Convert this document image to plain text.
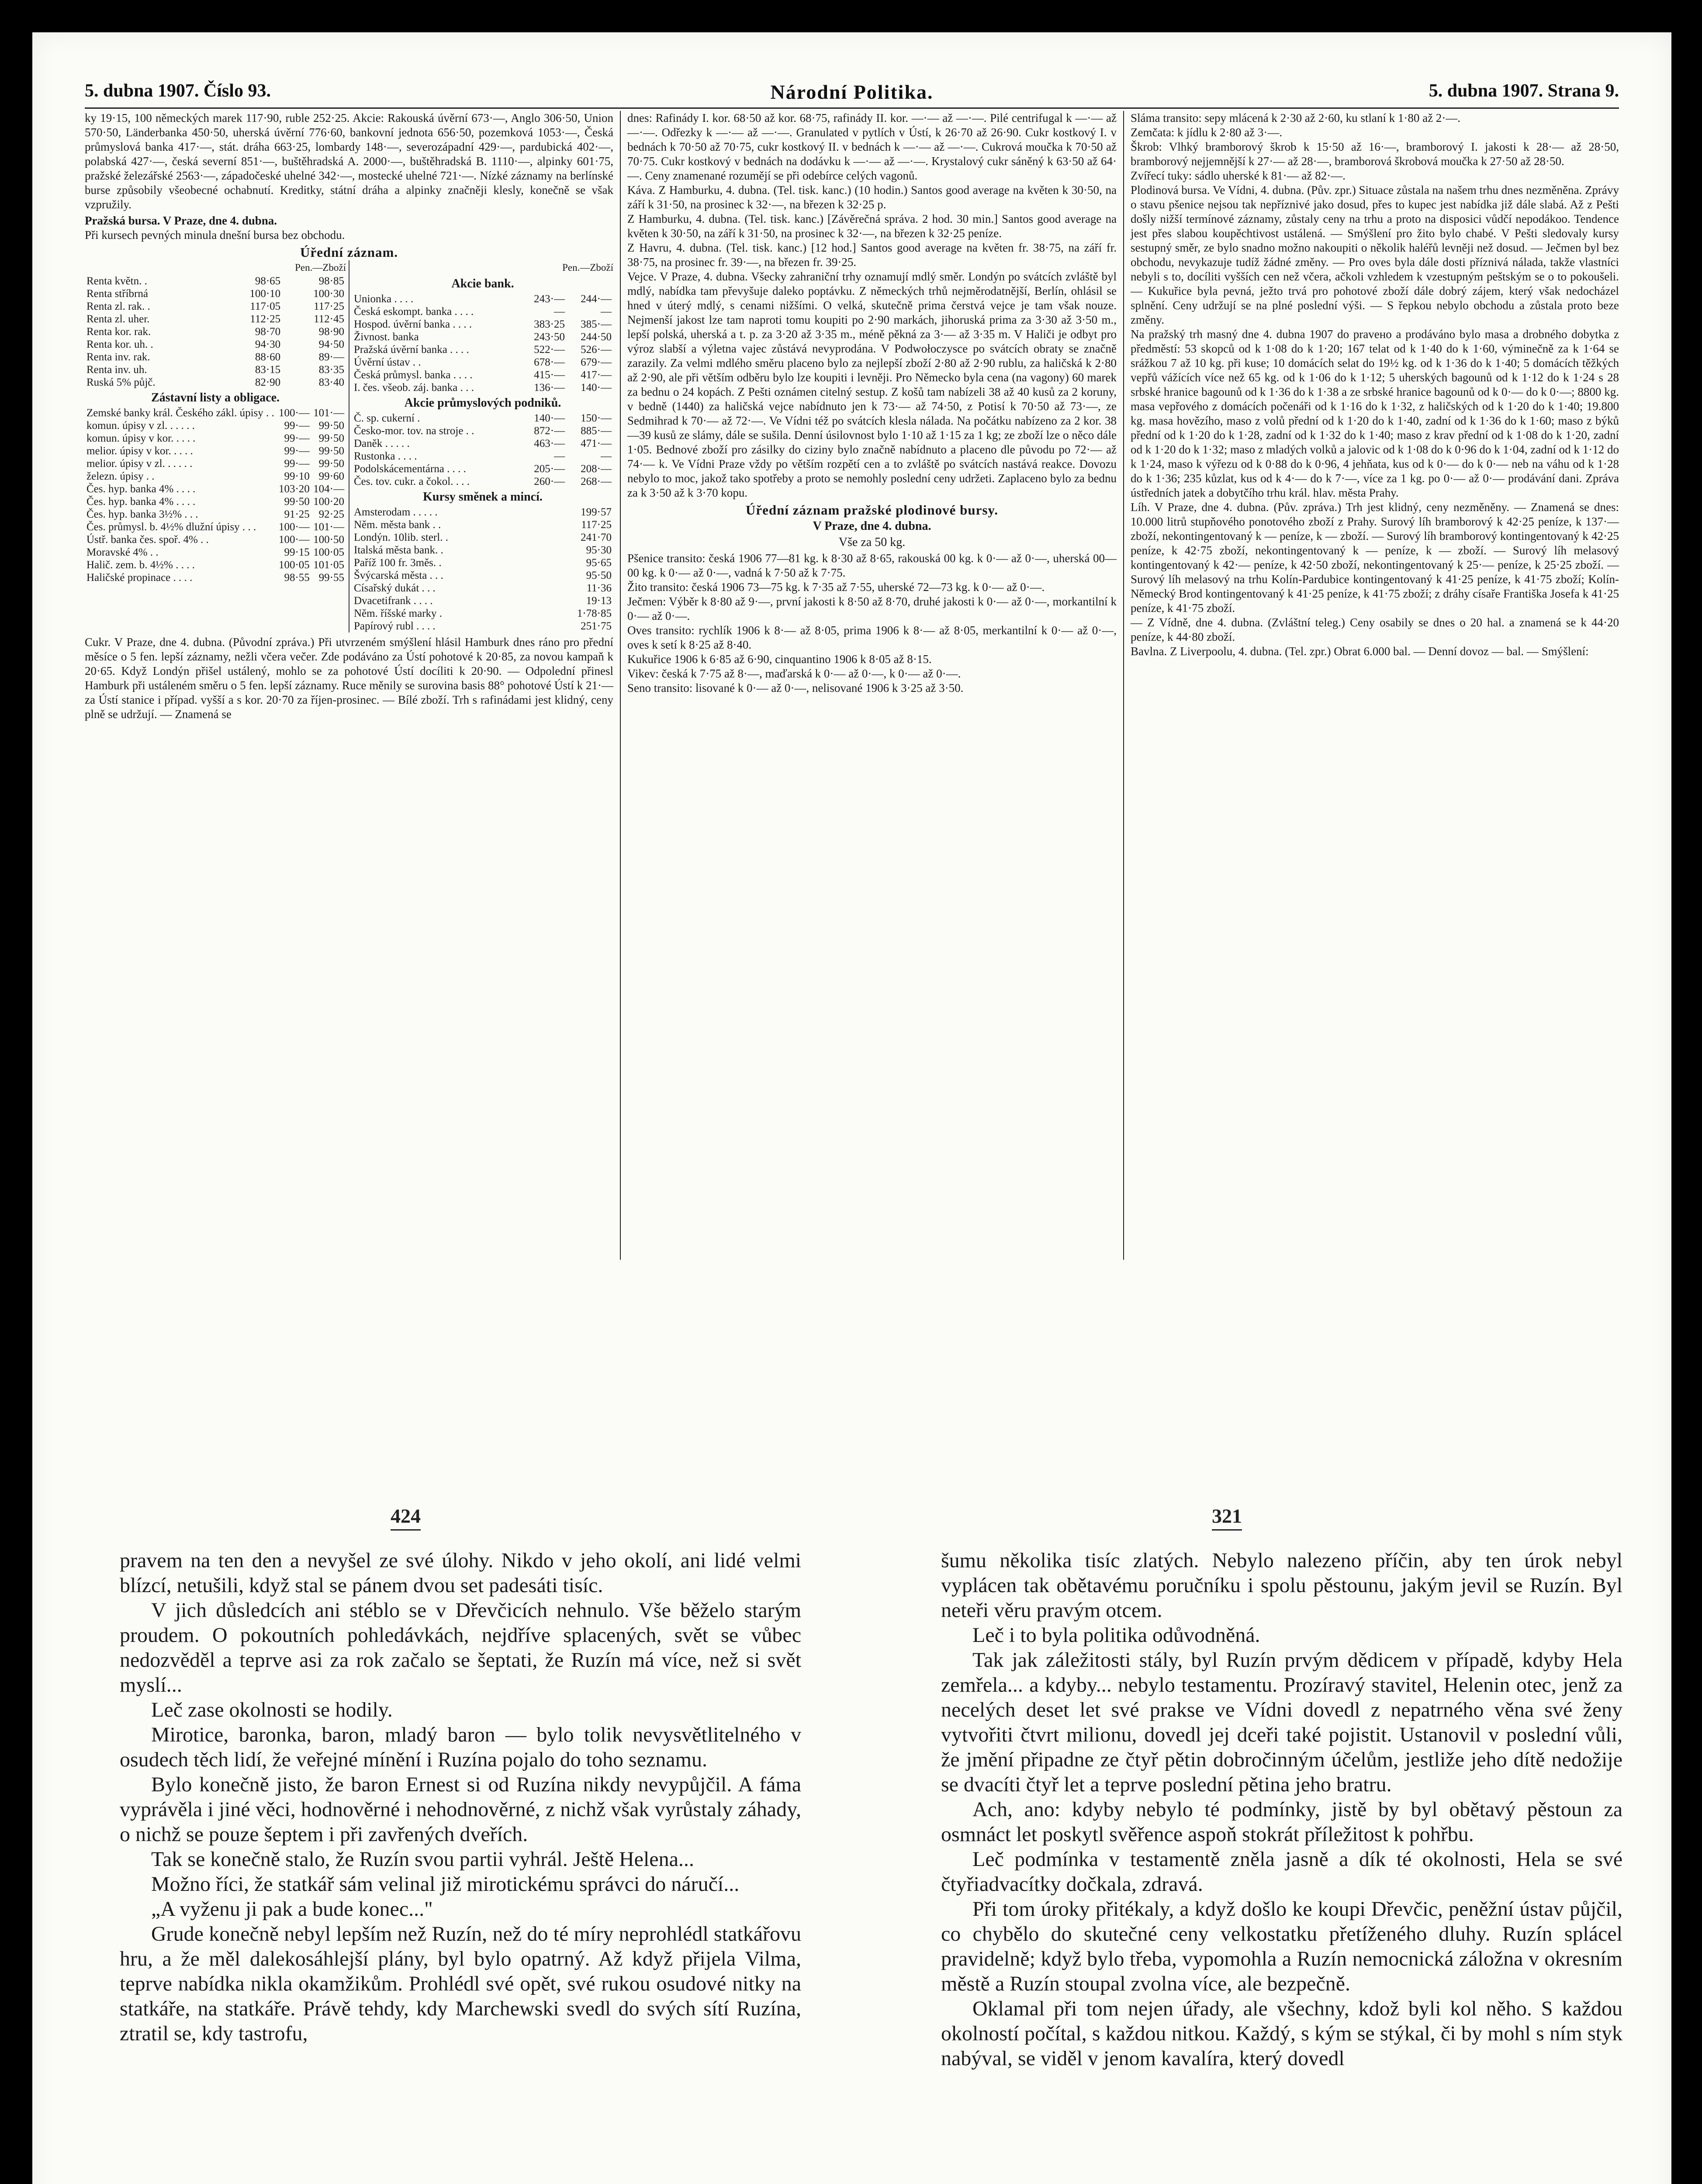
5. dubna 1907. Číslo 93.	Národní Politika.	5. dubna 1907. Strana 9.

ky 19·15, 100 německých marek 117·90, ruble 252·25. Akcie: Rakouská úvěrní 673·—, Anglo 306·50, Union 570·50, Länderbanka 450·50, uherská úvěrní 776·60, bankovní jednota 656·50, pozemková 1053·—, Česká průmyslová banka 417·—, stát. dráha 663·25, lombardy 148·—, severozápadní 429·—, pardubická 402·—, polabská 427·—, česká severní 851·—, buštěhradská A. 2000·—, buštěhradská B. 1110·—, alpinky 601·75, pražské železářské 2563·—, západočeské uhelné 342·—, mostecké uhelné 721·—. Nízké záznamy na berlínské burse způsobily všeobecné ochabnutí. Kreditky, státní dráha a alpinky značněji klesly, konečně se však vzpružily.

Pražská bursa. V Praze, dne 4. dubna.

Při kursech pevných minula dnešní bursa bez obchodu.

Úřední záznam.
Pen.—Zboží
Renta květn. .	98·65	98·85
Renta stříbrná	100·10	100·30
Renta zl. rak. .	117·05	117·25
Renta zl. uher.	112·25	112·45
Renta kor. rak.	98·70	98·90
Renta kor. uh. .	94·30	94·50
Renta inv. rak.	88·60	89·—
Renta inv. uh.	83·15	83·35
Ruská 5% půjč.	82·90	83·40
Zástavní listy a obligace.
Zemské banky král. Českého zákl. úpisy . .	100·—	101·—
komun. úpisy v zl. . . . . .	99·—	99·50
komun. úpisy v kor. . . . .	99·—	99·50
melior. úpisy v kor. . . . .	99·—	99·50
melior. úpisy v zl. . . . . .	99·—	99·50
železn. úpisy . .	99·10	99·60
Čes. hyp. banka 4% . . . .	103·20	104·—
Čes. hyp. banka 4% . . . .	99·50	100·20
Čes. hyp. banka 3½% . . .	91·25	92·25
Čes. průmysl. b. 4½% dlužní úpisy . . .	100·—	101·—
Ústř. banka čes. spoř. 4% . .	100·—	100·50
Moravské 4% . .	99·15	100·05
Halič. zem. b. 4½% . . . .	100·05	101·05
Haličské propinace . . . .	98·55	99·55
Pen.—Zboží
Akcie bank.
Unionka . . . .	243·—	244·—
Česká eskompt. banka . . . .	—	—
Hospod. úvěrní banka . . . .	383·25	385·—
Živnost. banka	243·50	244·50
Pražská úvěrní banka . . . .	522·—	526·—
Úvěrní ústav . .	678·—	679·—
Česká průmysl. banka . . . .	415·—	417·—
I. čes. všeob. záj. banka . . .	136·—	140·—
Akcie průmyslových podniků.
Č. sp. cukerní .	140·—	150·—
Česko-mor. tov. na stroje . .	872·—	885·—
Daněk . . . . .	463·—	471·—
Rustonka . . . .	—	—
Podolskácementárna . . . .	205·—	208·—
Čes. tov. cukr. a čokol. . . .	260·—	268·—
Kursy směnek a mincí.
Amsterodam . . . . .	199·57
Něm. města bank . .	117·25
Londýn. 10lib. sterl. .	241·70
Italská města bank. .	95·30
Paříž 100 fr. 3měs. .	95·65
Švýcarská města . . .	95·50
Císařský dukát . . .	11·36
Dvacetifrank . . . .	19·13
Něm. říšské marky .	1·78·85
Papírový rubl . . . .	251·75

Cukr. V Praze, dne 4. dubna. (Původní zpráva.) Při utvrzeném smýšlení hlásil Hamburk dnes ráno pro přední měsíce o 5 fen. lepší záznamy, nežli včera večer. Zde podáváno za Ústí pohotové k 20·85, za novou kampaň k 20·65. Když Londýn přišel ustálený, mohlo se za pohotové Ústí docíliti k 20·90. — Odpolední přinesl Hamburk při ustáleném směru o 5 fen. lepší záznamy. Ruce měnily se surovina basis 88° pohotové Ústí k 21·— za Ústí stanice i případ. vyšší a s kor. 20·70 za říjen-prosinec. — Bílé zboží. Trh s rafinádami jest klidný, ceny plně se udržují. — Znamená se

dnes: Rafinády I. kor. 68·50 až kor. 68·75, rafinády II. kor. —·— až —·—. Pilé centrifugal k —·— až —·—. Odřezky k —·— až —·—. Granulated v pytlích v Ústí, k 26·70 až 26·90. Cukr kostkový I. v bednách k 70·50 až 70·75, cukr kostkový II. v bednách k —·— až —·—. Cukrová moučka k 70·50 až 70·75. Cukr kostkový v bednách na dodávku k —·— až —·—. Krystalový cukr sáněný k 63·50 až 64·—. Ceny znamenané rozumějí se při odebírce celých vagonů.

Káva. Z Hamburku, 4. dubna. (Tel. tisk. kanc.) (10 hodin.) Santos good average na květen k 30·50, na září k 31·50, na prosinec k 32·—, na březen k 32·25 p.

Z Hamburku, 4. dubna. (Tel. tisk. kanc.) [Závěrečná správa. 2 hod. 30 min.] Santos good average na květen k 30·50, na září k 31·50, na prosinec k 32·—, na březen k 32·25 peníze.

Z Havru, 4. dubna. (Tel. tisk. kanc.) [12 hod.] Santos good average na květen fr. 38·75, na září fr. 38·75, na prosinec fr. 39·—, na březen fr. 39·25.

Vejce. V Praze, 4. dubna. Všecky zahraniční trhy oznamují mdlý směr. Londýn po svátcích zvláště byl mdlý, nabídka tam převyšuje daleko poptávku. Z německých trhů nejměrodatnější, Berlín, ohlásil se hned v úterý mdlý, s cenami nižšími. O velká, skutečně prima čerstvá vejce je tam však nouze. Nejmenší jakost lze tam naproti tomu koupiti po 2·90 markách, jihoruská prima za 3·30 až 3·50 m., lepší polská, uherská a t. p. za 3·20 až 3·35 m., méně pěkná za 3·— až 3·35 m. V Haliči je odbyt pro výroz slabší a výletna vajec zůstává nevyprodána. V Podwołoczysce po svátcích obraty se značně zarazily. Za velmi mdlého směru placeno bylo za nejlepší zboží 2·80 až 2·90 rublu, za haličská k 2·80 až 2·90, ale při větším odběru bylo lze koupiti i levněji. Pro Německo byla cena (na vagony) 60 marek za bednu o 24 kopách. Z Pešti oznámen citelný sestup. Z košů tam nabízeli 38 až 40 kusů za 2 koruny, v bedně (1440) za haličská vejce nabídnuto jen k 73·— až 74·50, z Potisí k 70·50 až 73·—, ze Sedmihrad k 70·— až 72·—. Ve Vídni též po svátcích klesla nálada. Na počátku nabízeno za 2 kor. 38—39 kusů ze slámy, dále se sušila. Denní úsilovnost bylo 1·10 až 1·15 za 1 kg; ze zboží lze o něco dále 1·05. Bednové zboží pro zásilky do ciziny bylo značně nabídnuto a placeno dle původu po 72·— až 74·— k. Ve Vídni Praze vždy po větším rozpětí cen a to zvláště po svátcích nastává reakce. Dovozu nebylo to moc, jakož tako spotřeby a proto se nemohly poslední ceny udržeti. Zaplaceno bylo za bednu za k 3·50 až k 3·70 kopu.

Úřední záznam pražské plodinové bursy.
V Praze, dne 4. dubna.
Vše za 50 kg.

Pšenice transito: česká 1906 77—81 kg. k 8·30 až 8·65, rakouská 00 kg. k 0·— až 0·—, uherská 00—00 kg. k 0·— až 0·—, vadná k 7·50 až k 7·75.

Žito transito: česká 1906 73—75 kg. k 7·35 až 7·55, uherské 72—73 kg. k 0·— až 0·—.

Ječmen: Výběr k 8·80 až 9·—, první jakosti k 8·50 až 8·70, druhé jakosti k 0·— až 0·—, morkantilní k 0·— až 0·—.

Oves transito: rychlík 1906 k 8·— až 8·05, prima 1906 k 8·— až 8·05, merkantilní k 0·— až 0·—, oves k setí k 8·25 až 8·40.

Kukuřice 1906 k 6·85 až 6·90, cinquantino 1906 k 8·05 až 8·15.

Vikev: česká k 7·75 až 8·—, maďarská k 0·— až 0·—, k 0·— až 0·—.

Seno transito: lisované k 0·— až 0·—, nelisované 1906 k 3·25 až 3·50.

Slámа transito: sepy mlácená k 2·30 až 2·60, ku stlaní k 1·80 až 2·—.

Zemčata: k jídlu k 2·80 až 3·—.

Škrob: Vlhký bramborový škrob k 15·50 až 16·—, bramborový I. jakosti k 28·— až 28·50, bramborový nejjemnější k 27·— až 28·—, bramborová škrobová moučka k 27·50 až 28·50.

Zvířecí tuky: sádlo uherské k 81·— až 82·—.

Plodinová bursa. Ve Vídni, 4. dubna. (Pův. zpr.) Situace zůstala na našem trhu dnes nezměněna. Zprávy o stavu pšenice nejsou tak nepříznivé jako dosud, přes to kupec jest nabídka již dále slabá. Až z Pešti došly nižší termínové záznamy, zůstaly ceny na trhu a proto na disposici vůdčí nepodákoo. Tendence jest přes slabou koupěchtivost ustálená. — Smýšlení pro žito bylo chabé. V Pešti sledovaly kursy sestupný směr, ze bylo snadno možno nakoupiti o několik haléřů levněji než dosud. — Ječmen byl bez obchodu, nevykazuje tudíž žádné změny. — Pro oves byla dále dosti příznivá nálada, takže vlastníci nebyli s to, docíliti vyšších cen než včera, ačkoli vzhledem k vzestupným peštským se o to pokoušeli. — Kukuřice byla pevná, ježto trvá pro pohotové zboží dále dobrý zájem, který však nedocházel splnění. Ceny udržují se na plné poslední výši. — S řepkou nebylo obchodu a zůstala proto beze změny.

Na pražský trh masný dne 4. dubna 1907 do pravено a prodáváno bylo masa a drobného dobytka z předměstí: 53 skopců od k 1·08 do k 1·20; 167 telat od k 1·40 do k 1·60, výminečně za k 1·64 se srážkou 7 až 10 kg. při kuse; 10 domácích selat do 19½ kg. od k 1·36 do k 1·40; 5 domácích těžkých vepřů vážících více než 65 kg. od k 1·06 do k 1·12; 5 uherských bagounů od k 1·12 do k 1·24 s 28 srbské hranice bagounů od k 1·36 do k 1·38 a ze srbské hranice bagounů od k 0·— do k 0·—; 8800 kg. masa vepřového z domácích počenáři od k 1·16 do k 1·32, z haličských od k 1·20 do k 1·40; 19.800 kg. masa hovězího, maso z volů přední od k 1·20 do k 1·40, zadní od k 1·36 do k 1·60; maso z býků přední od k 1·20 do k 1·28, zadní od k 1·32 do k 1·40; maso z krav přední od k 1·08 do k 1·20, zadní od k 1·20 do k 1·32; maso z mladých volků a jalovic od k 1·08 do k 0·96 do k 1·04, zadní od k 1·12 do k 1·24, maso k výřezu od k 0·88 do k 0·96, 4 jehňata, kus od k 0·— do k 0·— neb na váhu od k 1·28 do k 1·36; 235 kůzlat, kus od k 4·— do k 7·—, více za 1 kg. po 0·— až 0·— prodávání dani. Zpráva ústředních jatek a dobytčího trhu král. hlav. města Prahy.

Líh. V Praze, dne 4. dubna. (Pův. zpráva.) Trh jest klidný, ceny nezměněny. — Znamená se dnes: 10.000 litrů stupňového ponotového zboží z Prahy. Surový líh bramborový k 42·25 peníze, k 137·— zboží, nekontingentovaný k — peníze, k — zboží. — Surový líh bramborový kontingentovaný k 42·25 peníze, k 42·75 zboží, nekontingentovaný k — peníze, k — zboží. — Surový líh melasový kontingentovaný k 42·— peníze, k 42·50 zboží, nekontingentovaný k 25·— peníze, k 25·25 zboží. — Surový líh melasový na trhu Kolín-Pardubice kontingentovaný k 41·25 peníze, k 41·75 zboží; Kolín-Německý Brod kontingentovaný k 41·25 peníze, k 41·75 zboží; z dráhy císaře Františka Josefa k 41·25 peníze, k 41·75 zboží.

— Z Vídně, dne 4. dubna. (Zvláštní teleg.) Ceny osabily se dnes o 20 hal. a znamená se k 44·20 peníze, k 44·80 zboží.

Bavlna. Z Liverpoolu, 4. dubna. (Tel. zpr.) Obrat 6.000 bal. — Denní dovoz — bal. — Smýšlení:

424

pravem na ten den a nevyšel ze své úlohy. Nikdo v jeho okolí, ani lidé velmi blízcí, netušili, když stal se pánem dvou set padesáti tisíc.

V jich důsledcích ani stéblo se v Dřevčicích nehnulo. Vše běželo starým proudem. O pokoutních pohledávkách, nejdříve splacených, svět se vůbec nedozvěděl a teprve asi za rok začalo se šeptati, že Ruzín má více, než si svět myslí...

Leč zase okolnosti se hodily.

Mirotice, baronka, baron, mladý baron — bylo tolik nevysvětlitelného v osudech těch lidí, že veřejné mínění i Ruzína pojalo do toho seznamu.

Bylo konečně jisto, že baron Ernest si od Ruzína nikdy nevypůjčil. A fáma vyprávěla i jiné věci, hodnověrné i nehodnověrné, z nichž však vyrůstaly záhady, o nichž se pouze šeptem i při zavřených dveřích.

Tak se konečně stalo, že Ruzín svou partii vyhrál. Ještě Helena...

Možno říci, že statkář sám velinal již mirotickému správci do náručí...

„A vyženu ji pak a bude konec..."

Grude konečně nebyl lepším než Ruzín, než do té míry neprohlédl statkářovu hru, a že měl dalekosáhlejší plány, byl bylo opatrný. Až když přijela Vilma, teprve nabídka nikla okamžikům. Prohlédl své opět, své rukou osudové nitky na statkáře, na statkáře. Právě tehdy, kdy Marchewski svedl do svých sítí Ruzína, ztratil se, kdy tastrofu,

321

šumu několika tisíc zlatých. Nebylo nalezeno příčin, aby ten úrok nebyl vyplácen tak obětavému poručníku i spolu pěstounu, jakým jevil se Ruzín. Byl neteři věru pravým otcem.

Leč i to byla politika odůvodněná.

Tak jak záležitosti stály, byl Ruzín prvým dědicem v případě, kdyby Hela zemřela... a kdyby... nebylo testamentu. Prozíravý stavitel, Helenin otec, jenž za necelých deset let své prakse ve Vídni dovedl z nepatrného věna své ženy vytvořiti čtvrt milionu, dovedl jej dceři také pojistit. Ustanovil v poslední vůli, že jmění připadne ze čtyř pětin dobročinným účelům, jestliže jeho dítě nedožije se dvacíti čtyř let a teprve poslední pětina jeho bratru.

Ach, ano: kdyby nebylo té podmínky, jistě by byl obětavý pěstoun za osmnáct let poskytl svěřence aspoň stokrát příležitost k pohřbu.

Leč podmínka v testamentě zněla jasně a dík té okolnosti, Hela se své čtyřiadvacítky dočkala, zdravá.

Při tom úroky přitékaly, a když došlo ke koupi Dřevčic, peněžní ústav půjčil, co chybělo do skutečné ceny velkostatku přetíženého dluhy. Ruzín splácel pravidelně; když bylo třeba, vypomohla a Ruzín nemocnická záložna v okresním městě a Ruzín stoupal zvolna více, ale bezpečně.

Oklamal při tom nejen úřady, ale všechny, kdož byli kol něho. S každou okolností počítal, s každou nitkou. Každý, s kým se stýkal, či by mohl s ním styk nabýval, se viděl v jenom kavalíra, který dovedl
